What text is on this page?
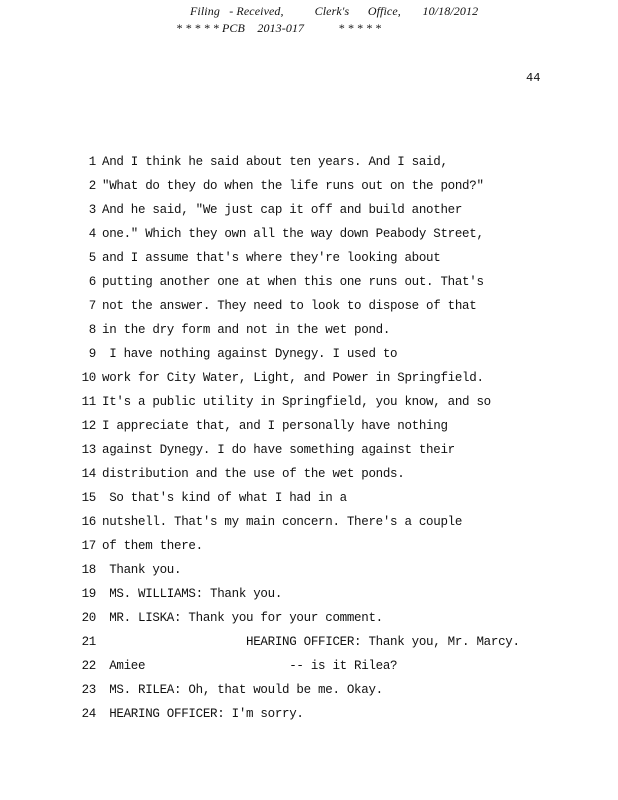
Filing   - Received,          Clerk's      Office,       10/18/2012
* * * * * PCB    2013-017           * * * * *
44
1 And I think he said about ten years. And I said,
2 "What do they do when the life runs out on the pond?"
3 And he said, "We just cap it off and build another
4 one." Which they own all the way down Peabody Street,
5 and I assume that's where they're looking about
6 putting another one at when this one runs out. That's
7 not the answer. They need to look to dispose of that
8 in the dry form and not in the wet pond.
9 I have nothing against Dynegy. I used to
10 work for City Water, Light, and Power in Springfield.
11 It's a public utility in Springfield, you know, and so
12 I appreciate that, and I personally have nothing
13 against Dynegy. I do have something against their
14 distribution and the use of the wet ponds.
15 So that's kind of what I had in a
16 nutshell. That's my main concern. There's a couple
17 of them there.
18 Thank you.
19 MS. WILLIAMS: Thank you.
20 MR. LISKA: Thank you for your comment.
21 HEARING OFFICER: Thank you, Mr. Marcy.
22 Amiee                    -- is it Rilea?
23 MS. RILEA: Oh, that would be me. Okay.
24 HEARING OFFICER: I'm sorry.
